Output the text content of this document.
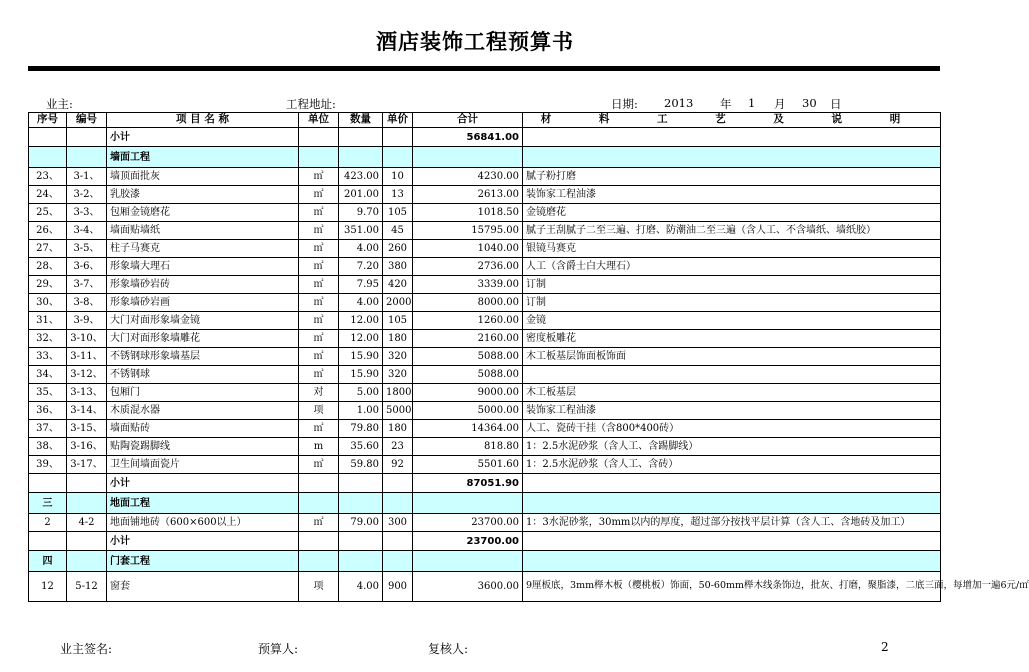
酒店装饰工程预算书
业主:	工程地址:	日期: 2013 年 1 月 30 日
序号	编号	项 目 名 称	单位	数量	单价	合计	材 料 工 艺 及 说 明
		小计				56841.00	
		墙面工程					
23、	3-1、	墙顶面批灰	㎡	423.00	10	4230.00	腻子粉打磨
24、	3-2、	乳胶漆	㎡	201.00	13	2613.00	装饰家工程油漆
25、	3-3、	包厢金镜磨花	㎡	9.70	105	1018.50	金镜磨花
26、	3-4、	墙面贴墙纸	㎡	351.00	45	15795.00	腻子王刮腻子二至三遍、打磨、防潮油二至三遍（含人工、不含墙纸、墙纸胶）
27、	3-5、	柱子马赛克	㎡	4.00	260	1040.00	银镜马赛克
28、	3-6、	形象墙大理石	㎡	7.20	380	2736.00	人工（含爵士白大理石）
29、	3-7、	形象墙砂岩砖	㎡	7.95	420	3339.00	订制
30、	3-8、	形象墙砂岩画	㎡	4.00	2000	8000.00	订制
31、	3-9、	大门对面形象墙金镜	㎡	12.00	105	1260.00	金镜
32、	3-10、	大门对面形象墙雕花	㎡	12.00	180	2160.00	密度板雕花
33、	3-11、	不锈钢球形象墙基层	㎡	15.90	320	5088.00	木工板基层饰面板饰面
34、	3-12、	不锈钢球	㎡	15.90	320	5088.00	
35、	3-13、	包厢门	对	5.00	1800	9000.00	木工板基层
36、	3-14、	木质混水器	项	1.00	5000	5000.00	装饰家工程油漆
37、	3-15、	墙面贴砖	㎡	79.80	180	14364.00	人工、瓷砖干挂（含800*400砖）
38、	3-16、	贴陶瓷踢脚线	m	35.60	23	818.80	1：2.5水泥砂浆（含人工、含踢脚线）
39、	3-17、	卫生间墙面瓷片	㎡	59.80	92	5501.60	1：2.5水泥砂浆（含人工、含砖）
		小计				87051.90	
三		地面工程					
2	4-2	地面铺地砖（600×600以上）	㎡	79.00	300	23700.00	1：3水泥砂浆，30mm以内的厚度，超过部分按找平层计算（含人工、含地砖及加工）
		小计				23700.00	
四		门套工程					
12	5-12	窗套	项	4.00	900	3600.00	9厘板底，3mm榉木板（樱桃板）饰面，50-60mm榉木线条饰边，批灰、打磨，聚脂漆，二底三面，每增加一遍6元/㎡
业主签名:	预算人:	复核人:	2
